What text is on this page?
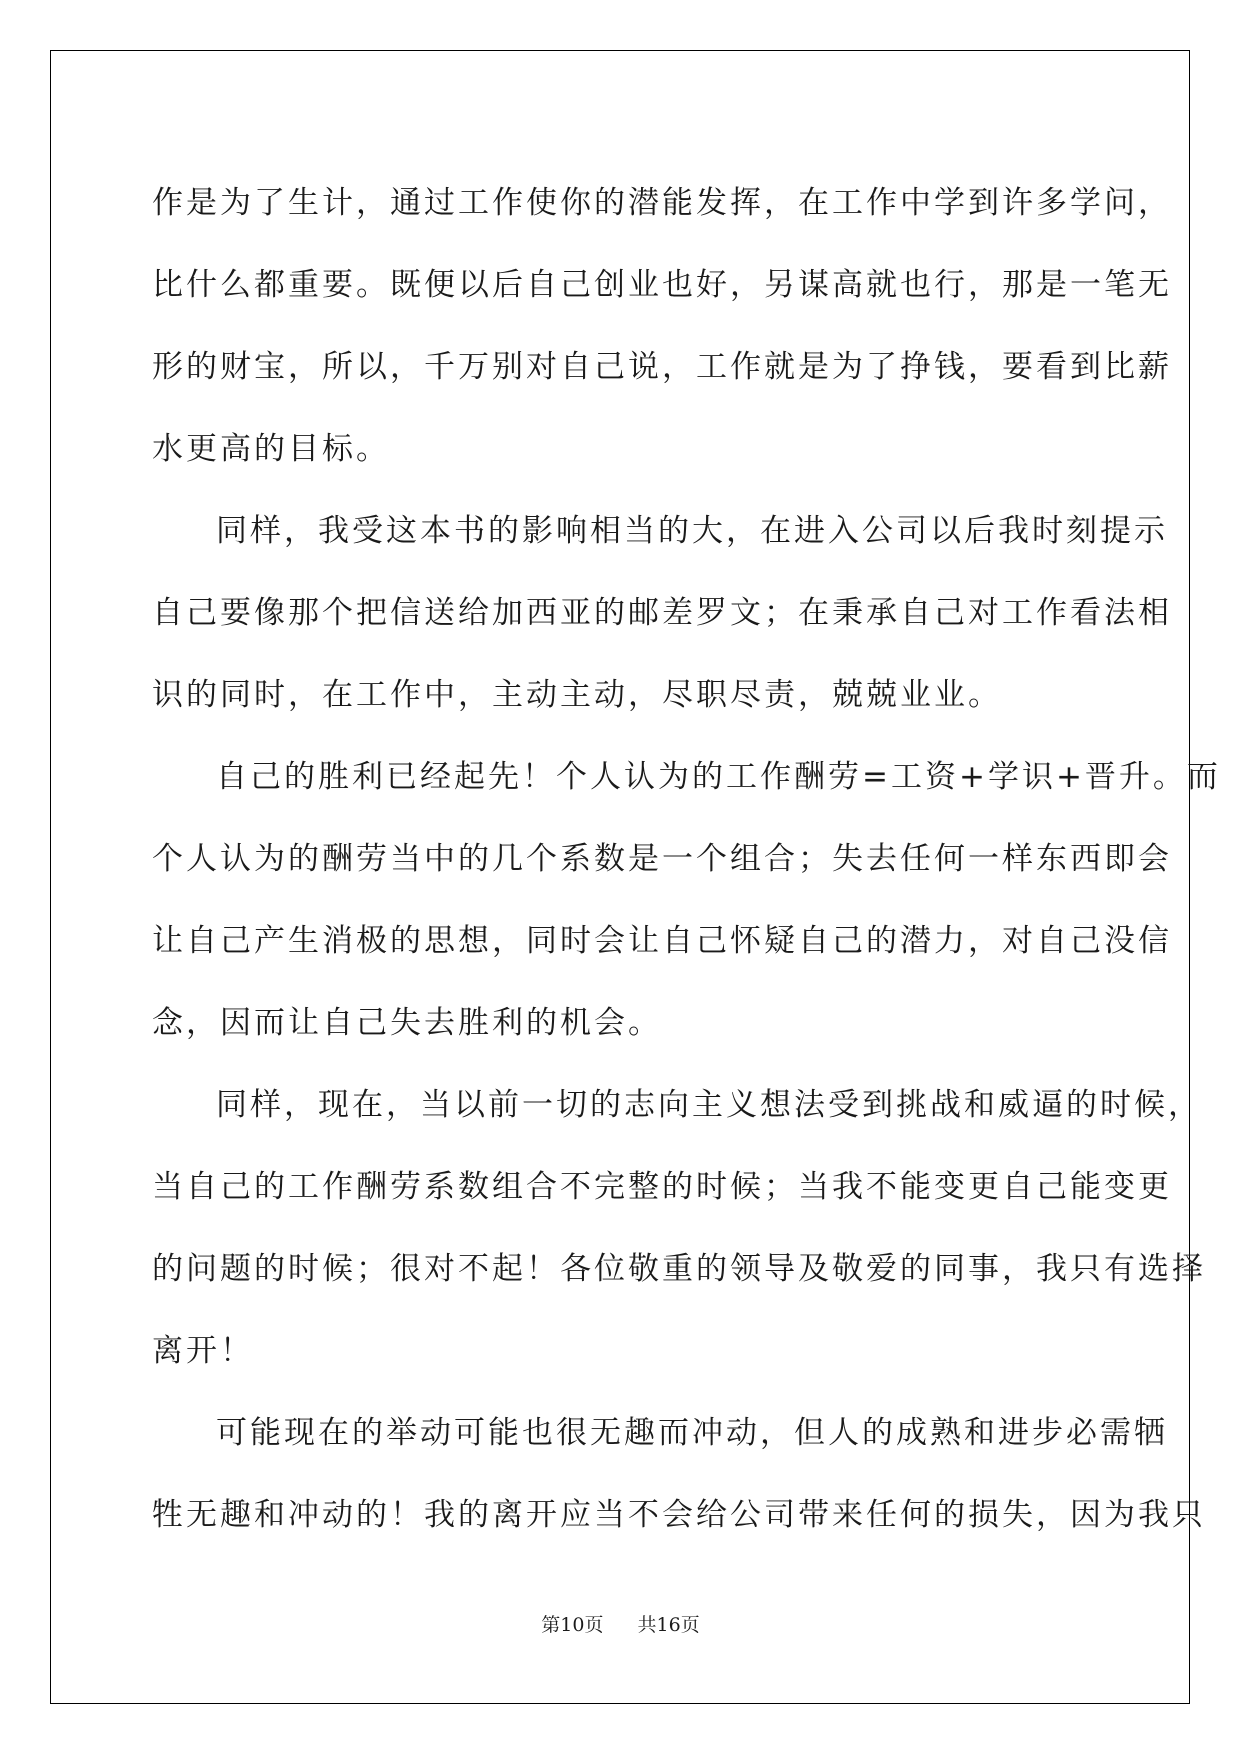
作是为了生计，通过工作使你的潜能发挥，在工作中学到许多学问，
比什么都重要。既便以后自己创业也好，另谋高就也行，那是一笔无
形的财宝，所以，千万别对自己说，工作就是为了挣钱，要看到比薪
水更高的目标。
同样，我受这本书的影响相当的大，在进入公司以后我时刻提示
自己要像那个把信送给加西亚的邮差罗文；在秉承自己对工作看法相
识的同时，在工作中，主动主动，尽职尽责，兢兢业业。
自己的胜利已经起先！个人认为的工作酬劳=工资+学识+晋升。而
个人认为的酬劳当中的几个系数是一个组合；失去任何一样东西即会
让自己产生消极的思想，同时会让自己怀疑自己的潜力，对自己没信
念，因而让自己失去胜利的机会。
同样，现在，当以前一切的志向主义想法受到挑战和威逼的时候，
当自己的工作酬劳系数组合不完整的时候；当我不能变更自己能变更
的问题的时候；很对不起！各位敬重的领导及敬爱的同事，我只有选择
离开！
可能现在的举动可能也很无趣而冲动，但人的成熟和进步必需牺
牲无趣和冲动的！我的离开应当不会给公司带来任何的损失，因为我只
第10页 共16页
